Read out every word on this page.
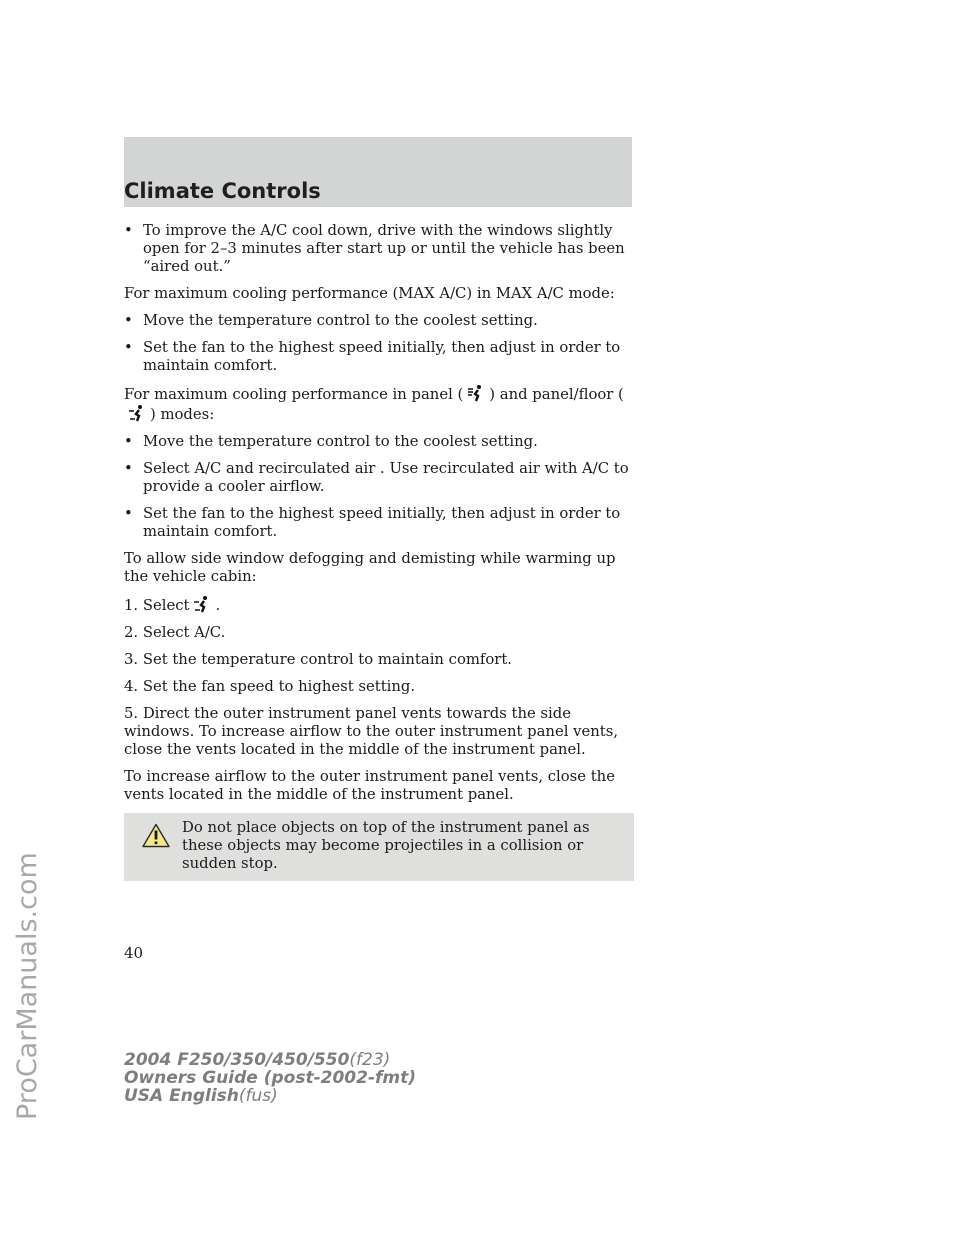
ProCarManuals.com
Climate Controls
• To improve the A/C cool down, drive with the windows slightly open for 2–3 minutes after start up or until the vehicle has been “aired out.”
For maximum cooling performance (MAX A/C) in MAX A/C mode:
• Move the temperature control to the coolest setting.
• Set the fan to the highest speed initially, then adjust in order to maintain comfort.
For maximum cooling performance in panel ( ) and panel/floor () modes:
• Move the temperature control to the coolest setting.
• Select A/C and recirculated air . Use recirculated air with A/C to provide a cooler airflow.
• Set the fan to the highest speed initially, then adjust in order to maintain comfort.
To allow side window defogging and demisting while warming up the vehicle cabin:
1. Select .
2. Select A/C.
3. Set the temperature control to maintain comfort.
4. Set the fan speed to highest setting.
5. Direct the outer instrument panel vents towards the side windows. To increase airflow to the outer instrument panel vents, close the vents located in the middle of the instrument panel.
To increase airflow to the outer instrument panel vents, close the vents located in the middle of the instrument panel.
Do not place objects on top of the instrument panel as these objects may become projectiles in a collision or sudden stop.
40
2004 F250/350/450/550(f23)
Owners Guide (post-2002-fmt)
USA English(fus)
